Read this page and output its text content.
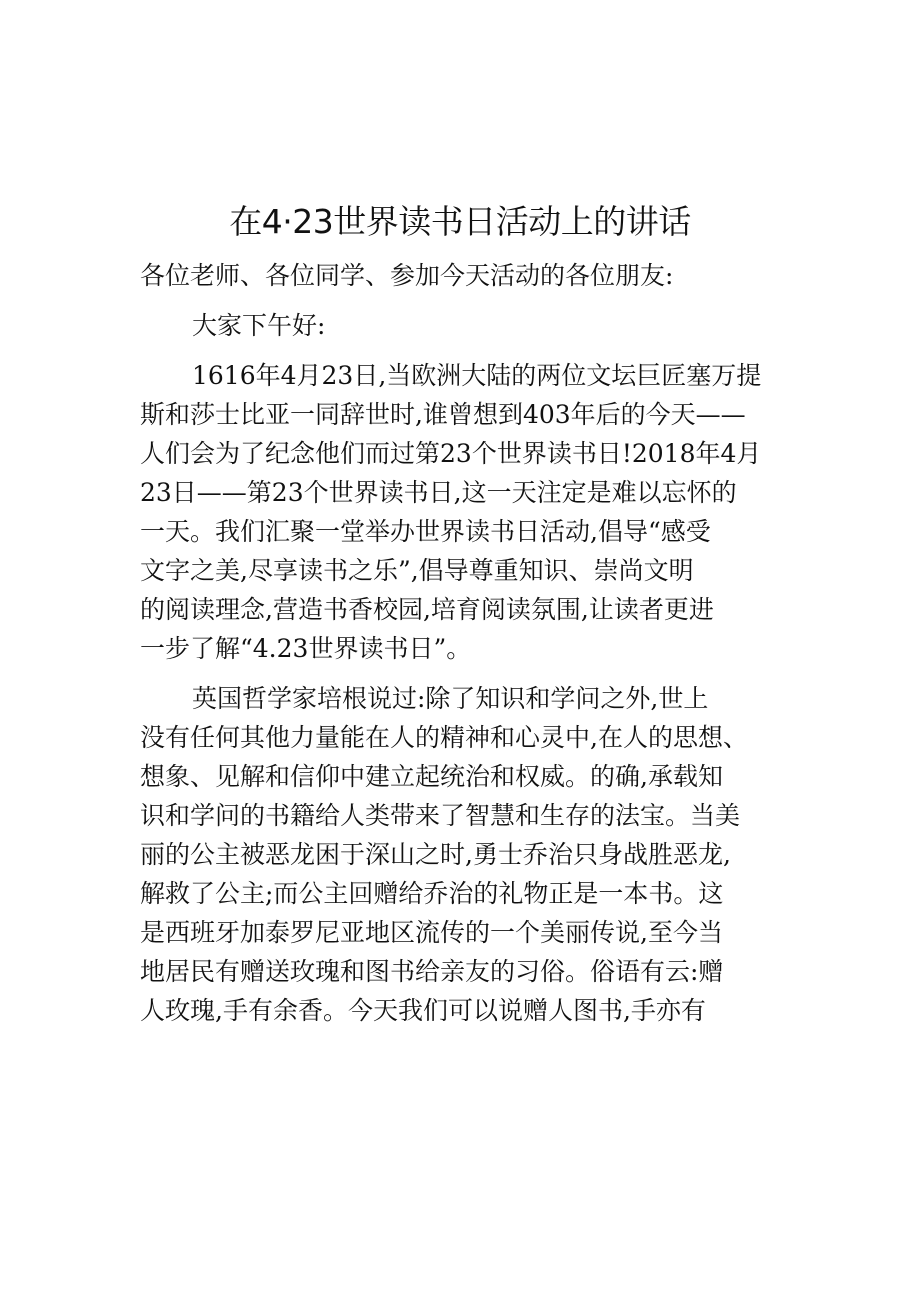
在4·23世界读书日活动上的讲话
各位老师、各位同学、参加今天活动的各位朋友:
大家下午好:
1616年4月23日,当欧洲大陆的两位文坛巨匠塞万提
斯和莎士比亚一同辞世时,谁曾想到403年后的今天——
人们会为了纪念他们而过第23个世界读书日!2018年4月
23日——第23个世界读书日,这一天注定是难以忘怀的
一天。我们汇聚一堂举办世界读书日活动,倡导“感受
文字之美,尽享读书之乐”,倡导尊重知识、崇尚文明
的阅读理念,营造书香校园,培育阅读氛围,让读者更进
一步了解“4.23世界读书日”。
英国哲学家培根说过:除了知识和学问之外,世上
没有任何其他力量能在人的精神和心灵中,在人的思想、
想象、见解和信仰中建立起统治和权威。的确,承载知
识和学问的书籍给人类带来了智慧和生存的法宝。当美
丽的公主被恶龙困于深山之时,勇士乔治只身战胜恶龙,
解救了公主;而公主回赠给乔治的礼物正是一本书。这
是西班牙加泰罗尼亚地区流传的一个美丽传说,至今当
地居民有赠送玫瑰和图书给亲友的习俗。俗语有云:赠
人玫瑰,手有余香。今天我们可以说赠人图书,手亦有
